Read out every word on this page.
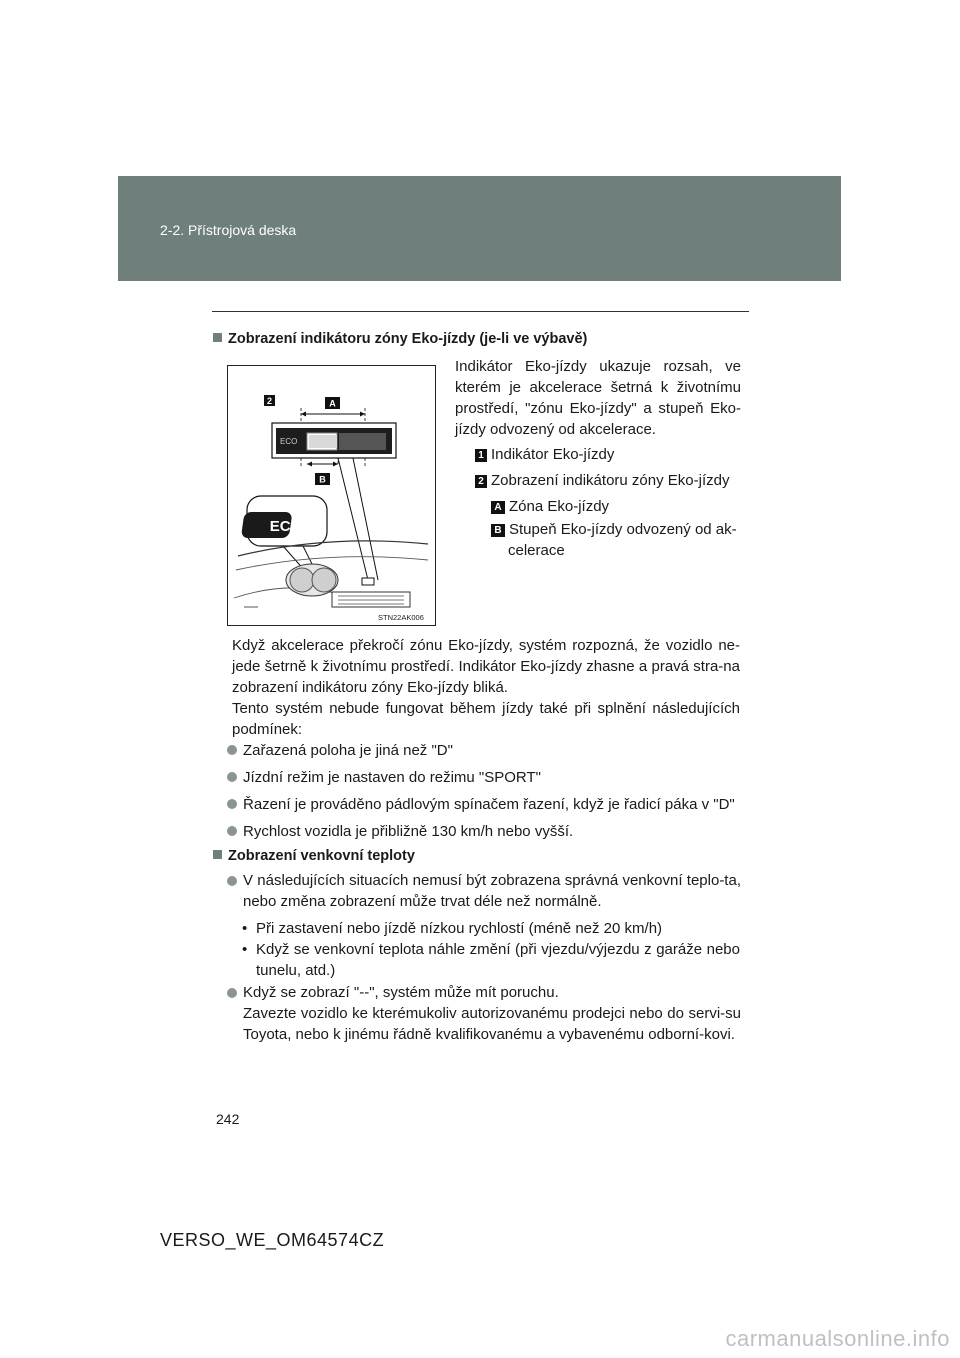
2-2. Přístrojová deska
Zobrazení indikátoru zóny Eko-jízdy (je-li ve výbavě)
2	A
ECO
B
ECO
STN22AK006
Indikátor Eko-jízdy ukazuje rozsah, ve kterém je akcelerace šetrná k životnímu prostředí, "zónu Eko-jízdy" a stupeň Eko-jízdy odvozený od akcelerace.
1 Indikátor Eko-jízdy
2 Zobrazení indikátoru zóny Eko-jízdy
A Zóna Eko-jízdy
B Stupeň Eko-jízdy odvozený od ak-
celerace
Když akcelerace překročí zónu Eko-jízdy, systém rozpozná, že vozidlo ne-jede šetrně k životnímu prostředí. Indikátor Eko-jízdy zhasne a pravá stra-na zobrazení indikátoru zóny Eko-jízdy bliká.
Tento systém nebude fungovat během jízdy také při splnění následujících podmínek:
Zařazená poloha je jiná než "D"
Jízdní režim je nastaven do režimu "SPORT"
Řazení je prováděno pádlovým spínačem řazení, když je řadicí páka v "D"
Rychlost vozidla je přibližně 130 km/h nebo vyšší.
Zobrazení venkovní teploty
V následujících situacích nemusí být zobrazena správná venkovní teplo-ta, nebo změna zobrazení může trvat déle než normálně.
• Při zastavení nebo jízdě nízkou rychlostí (méně než 20 km/h)
• Když se venkovní teplota náhle změní (při vjezdu/výjezdu z garáže nebo tunelu, atd.)
Když se zobrazí "--", systém může mít poruchu.
Zavezte vozidlo ke kterémukoliv autorizovanému prodejci nebo do servi-su Toyota, nebo k jinému řádně kvalifikovanému a vybavenému odborní-kovi.
242
VERSO_WE_OM64574CZ
carmanualsonline.info
